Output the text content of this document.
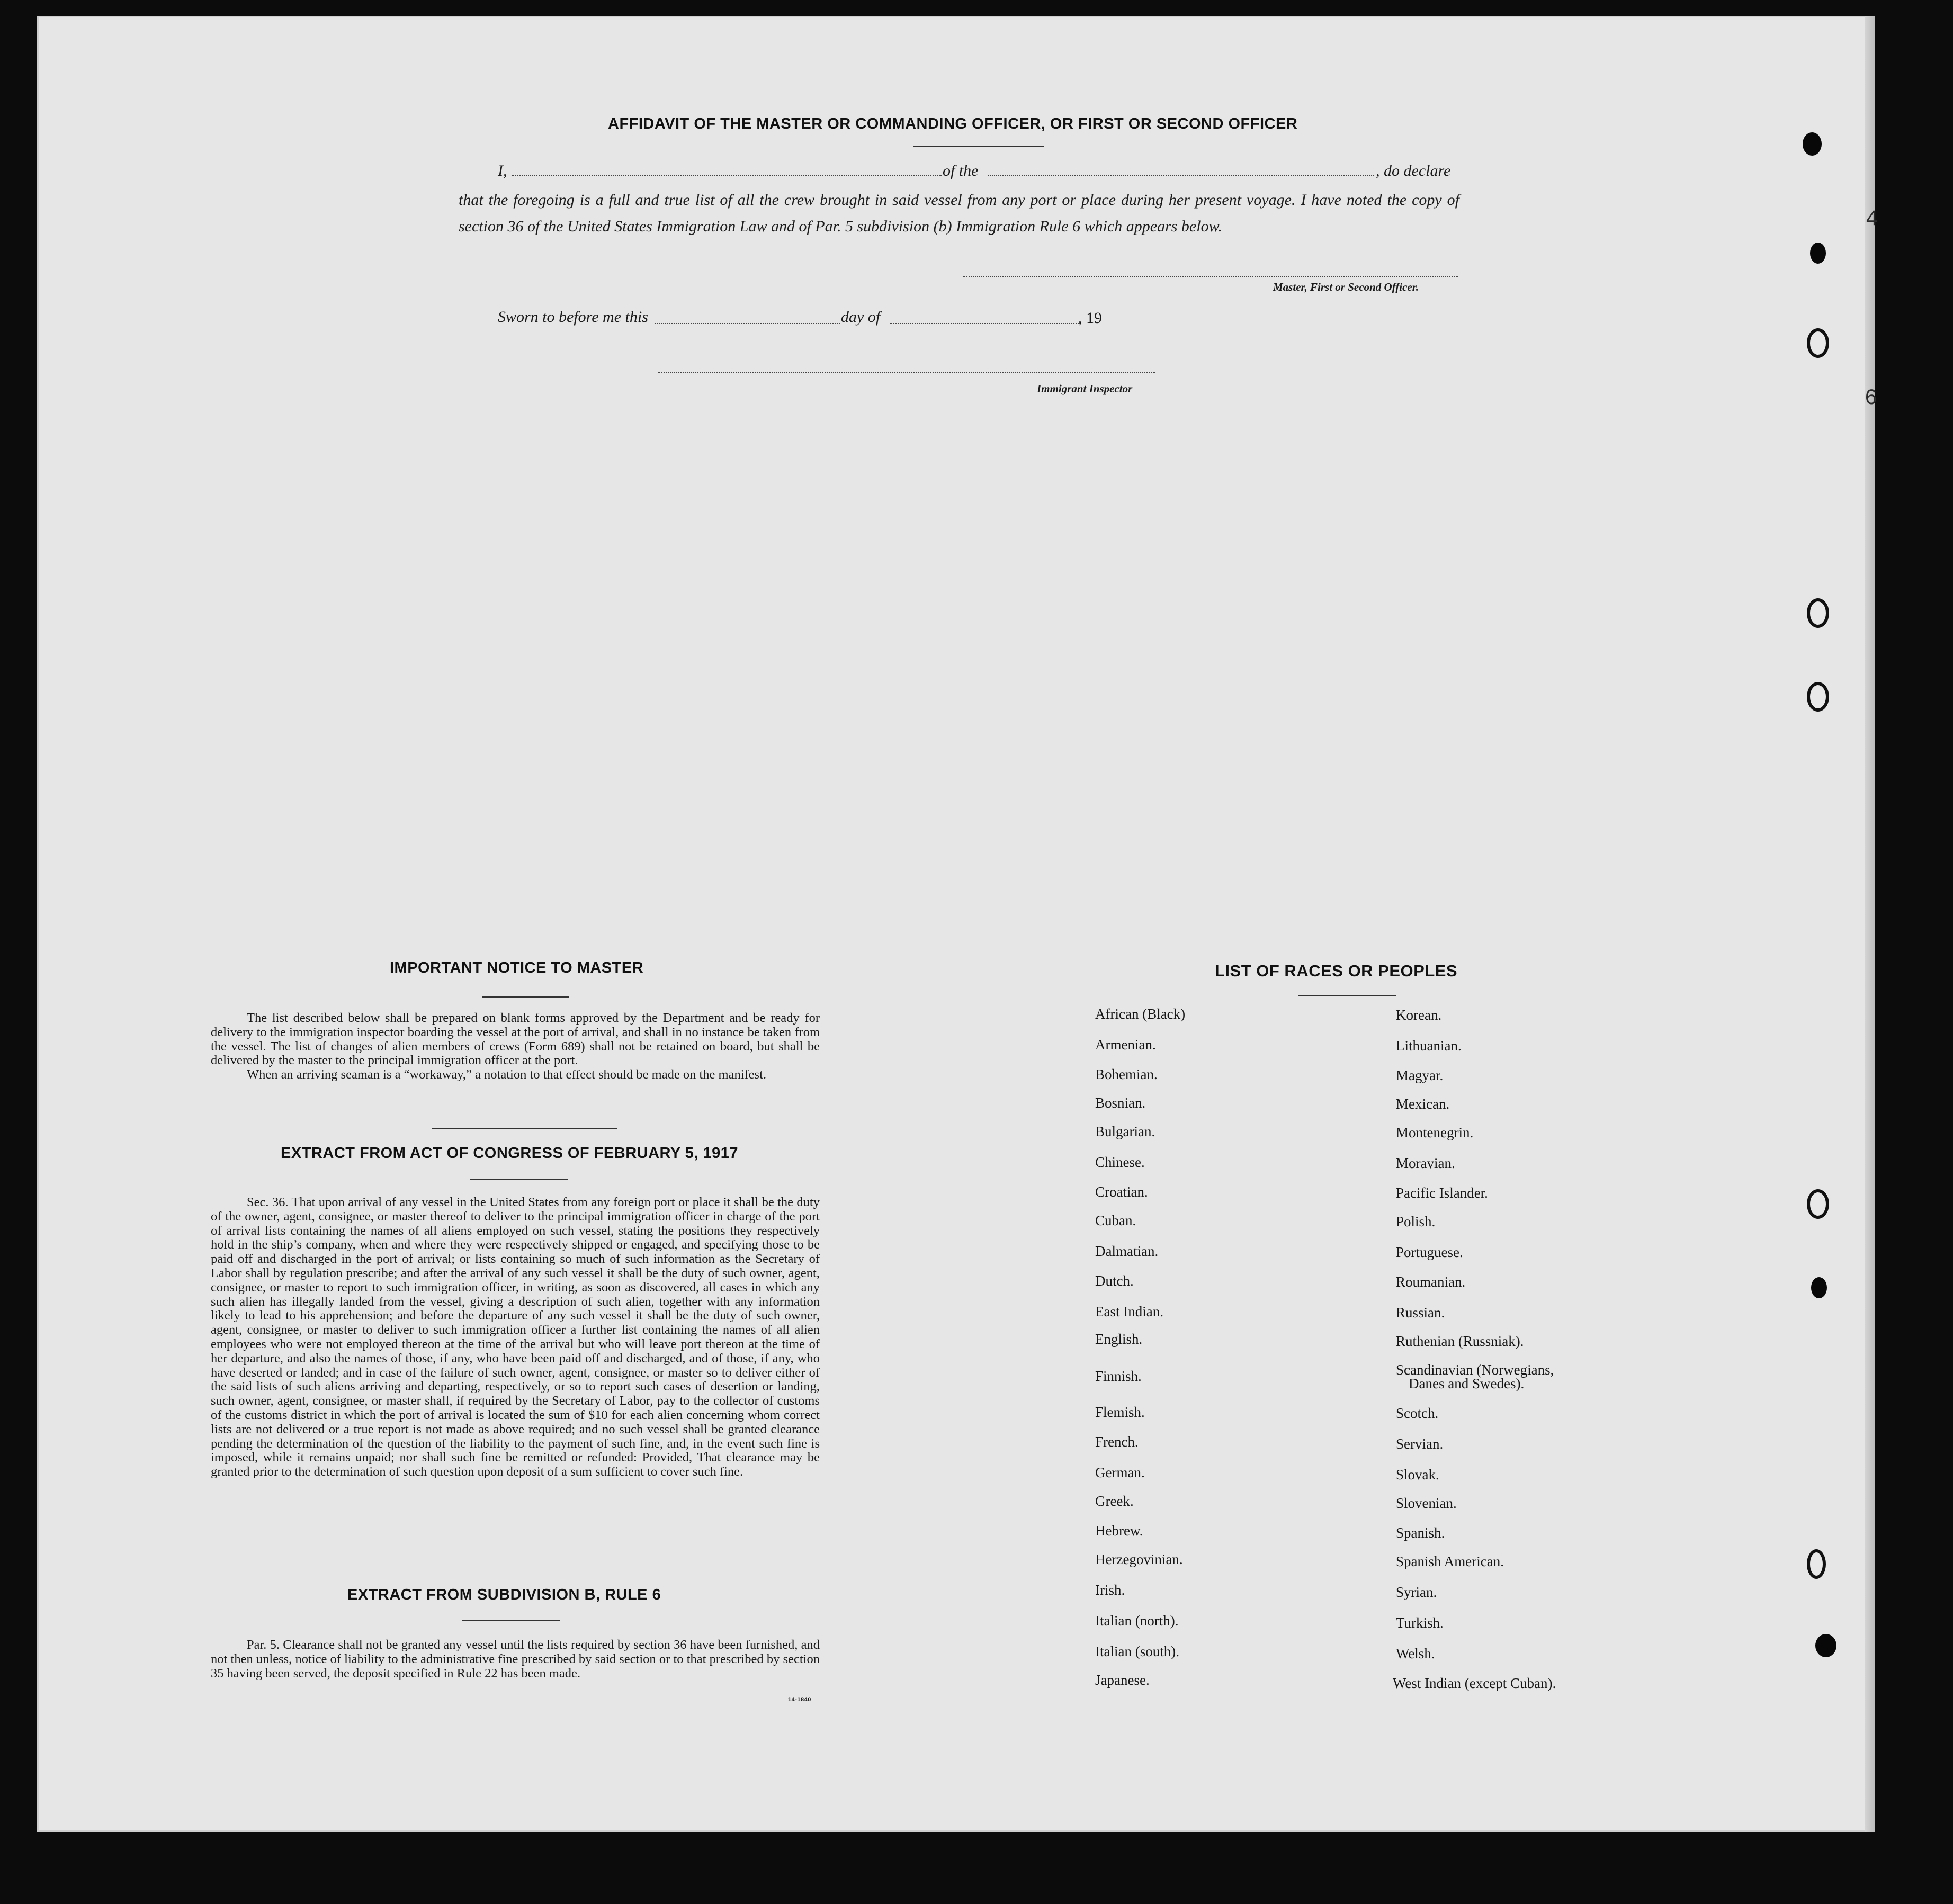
AFFIDAVIT OF THE MASTER OR COMMANDING OFFICER, OR FIRST OR SECOND OFFICER
I,	of the	, do declare
that the foregoing is a full and true list of all the crew brought in said vessel from any port or place during her present voyage. I have noted the copy of section 36 of the United States Immigration Law and of Par. 5 subdivision (b) Immigration Rule 6 which appears below.
Master, First or Second Officer.
Sworn to before me this	day of	, 19
Immigrant Inspector
IMPORTANT NOTICE TO MASTER

The list described below shall be prepared on blank forms approved by the Department and be ready for delivery to the immigration inspector boarding the vessel at the port of arrival, and shall in no instance be taken from the vessel. The list of changes of alien members of crews (Form 689) shall not be retained on board, but shall be delivered by the master to the principal immigration officer at the port.

When an arriving seaman is a “workaway,” a notation to that effect should be made on the manifest.

EXTRACT FROM ACT OF CONGRESS OF FEBRUARY 5, 1917

Sec. 36. That upon arrival of any vessel in the United States from any foreign port or place it shall be the duty of the owner, agent, consignee, or master thereof to deliver to the principal immigration officer in charge of the port of arrival lists containing the names of all aliens employed on such vessel, stating the positions they respectively hold in the ship’s company, when and where they were respectively shipped or engaged, and specifying those to be paid off and discharged in the port of arrival; or lists containing so much of such information as the Secretary of Labor shall by regulation prescribe; and after the arrival of any such vessel it shall be the duty of such owner, agent, consignee, or master to report to such immigration officer, in writing, as soon as discovered, all cases in which any such alien has illegally landed from the vessel, giving a description of such alien, together with any information likely to lead to his apprehension; and before the departure of any such vessel it shall be the duty of such owner, agent, consignee, or master to deliver to such immigration officer a further list containing the names of all alien employees who were not employed thereon at the time of the arrival but who will leave port thereon at the time of her departure, and also the names of those, if any, who have been paid off and discharged, and of those, if any, who have deserted or landed; and in case of the failure of such owner, agent, consignee, or master so to deliver either of the said lists of such aliens arriving and departing, respectively, or so to report such cases of desertion or landing, such owner, agent, consignee, or master shall, if required by the Secretary of Labor, pay to the collector of customs of the customs district in which the port of arrival is located the sum of $10 for each alien concerning whom correct lists are not delivered or a true report is not made as above required; and no such vessel shall be granted clearance pending the determination of the question of the liability to the payment of such fine, and, in the event such fine is imposed, while it remains unpaid; nor shall such fine be remitted or refunded: Provided, That clearance may be granted prior to the determination of such question upon deposit of a sum sufficient to cover such fine.

EXTRACT FROM SUBDIVISION B, RULE 6

Par. 5. Clearance shall not be granted any vessel until the lists required by section 36 have been furnished, and not then unless, notice of liability to the administrative fine prescribed by said section or to that prescribed by section 35 having been served, the deposit specified in Rule 22 has been made.

14-1840
LIST OF RACES OR PEOPLES
African (Black)
Armenian.
Bohemian.
Bosnian.
Bulgarian.
Chinese.
Croatian.
Cuban.
Dalmatian.
Dutch.
East Indian.
English.
Finnish.
Flemish.
French.
German.
Greek.
Hebrew.
Herzegovinian.
Irish.
Italian (north).
Italian (south).
Japanese.
Korean.
Lithuanian.
Magyar.
Mexican.
Montenegrin.
Moravian.
Pacific Islander.
Polish.
Portuguese.
Roumanian.
Russian.
Ruthenian (Russniak).
Scandinavian (Norwegians,
Danes and Swedes).
Scotch.
Servian.
Slovak.
Slovenian.
Spanish.
Spanish American.
Syrian.
Turkish.
Welsh.
West Indian (except Cuban).
4
6
